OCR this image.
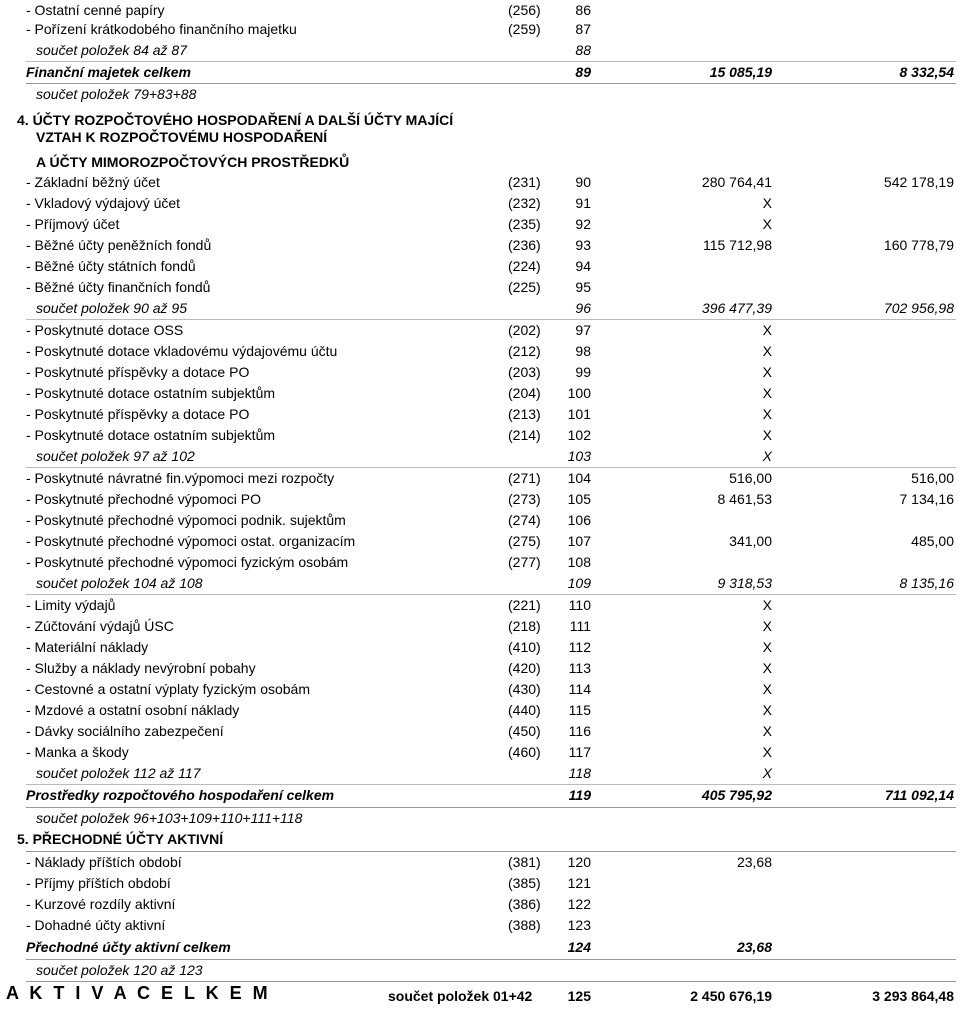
- Ostatní cenné papíry	(256)	86
- Pořízení krátkodobého finančního majetku	(259)	87
součet položek 84 až 87	88
Finanční majetek celkem	89	15 085,19	8 332,54
součet položek 79+83+88
4. ÚČTY ROZPOČTOVÉHO HOSPODAŘENÍ A DALŠÍ ÚČTY MAJÍCÍ
VZTAH K ROZPOČTOVÉMU HOSPODAŘENÍ
A ÚČTY MIMOROZPOČTOVÝCH PROSTŘEDKŮ
- Základní běžný účet	(231)	90	280 764,41	542 178,19
- Vkladový výdajový účet	(232)	91	X
- Příjmový účet	(235)	92	X
- Běžné účty peněžních fondů	(236)	93	115 712,98	160 778,79
- Běžné účty státních fondů	(224)	94
- Běžné účty finančních fondů	(225)	95
součet položek 90 až 95	96	396 477,39	702 956,98
- Poskytnuté dotace OSS	(202)	97	X
- Poskytnuté dotace vkladovému výdajovému účtu	(212)	98	X
- Poskytnuté příspěvky a dotace PO	(203)	99	X
- Poskytnuté dotace ostatním subjektům	(204)	100	X
- Poskytnuté příspěvky a dotace PO	(213)	101	X
- Poskytnuté dotace ostatním subjektům	(214)	102	X
součet položek 97 až 102	103	X
- Poskytnuté návratné fin.výpomoci mezi rozpočty	(271)	104	516,00	516,00
- Poskytnuté přechodné výpomoci PO	(273)	105	8 461,53	7 134,16
- Poskytnuté přechodné výpomoci podnik. sujektům	(274)	106
- Poskytnuté přechodné výpomoci ostat. organizacím	(275)	107	341,00	485,00
- Poskytnuté přechodné výpomoci fyzickým osobám	(277)	108
součet položek 104 až 108	109	9 318,53	8 135,16
- Limity výdajů	(221)	110	X
- Zúčtování výdajů ÚSC	(218)	111	X
- Materiální náklady	(410)	112	X
- Služby a náklady nevýrobní pobahy	(420)	113	X
- Cestovné a ostatní výplaty fyzickým osobám	(430)	114	X
- Mzdové a ostatní osobní náklady	(440)	115	X
- Dávky sociálního zabezpečení	(450)	116	X
- Manka a škody	(460)	117	X
součet položek 112 až 117	118	X
Prostředky rozpočtového hospodaření celkem	119	405 795,92	711 092,14
součet položek 96+103+109+110+111+118
5. PŘECHODNÉ ÚČTY AKTIVNÍ
- Náklady příštích období	(381)	120	23,68
- Příjmy příštích období	(385)	121
- Kurzové rozdíly aktivní	(386)	122
- Dohadné účty aktivní	(388)	123
Přechodné účty aktivní celkem	124	23,68
součet položek 120 až 123
A K T I V A C E L K E M	součet položek 01+42	125	2 450 676,19	3 293 864,48
